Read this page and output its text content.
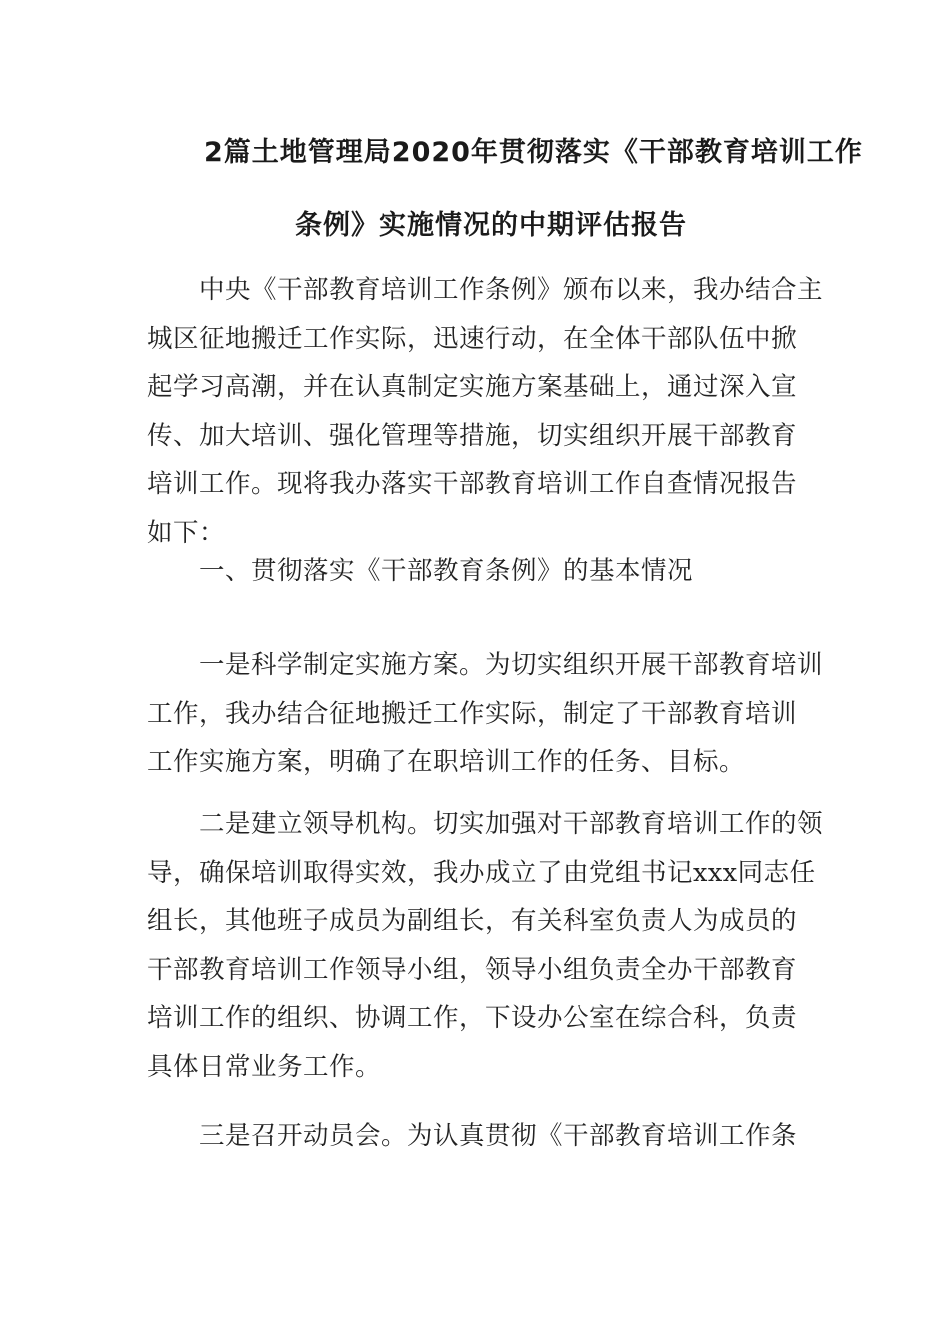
2篇土地管理局2020年贯彻落实《干部教育培训工作
条例》实施情况的中期评估报告
　　中央《干部教育培训工作条例》颁布以来，我办结合主
城区征地搬迁工作实际，迅速行动，在全体干部队伍中掀
起学习高潮，并在认真制定实施方案基础上，通过深入宣
传、加大培训、强化管理等措施，切实组织开展干部教育
培训工作。现将我办落实干部教育培训工作自查情况报告
如下：
　　一、贯彻落实《干部教育条例》的基本情况
　　一是科学制定实施方案。为切实组织开展干部教育培训
工作，我办结合征地搬迁工作实际，制定了干部教育培训
工作实施方案，明确了在职培训工作的任务、目标。
　　二是建立领导机构。切实加强对干部教育培训工作的领
导，确保培训取得实效，我办成立了由党组书记xxx同志任
组长，其他班子成员为副组长，有关科室负责人为成员的
干部教育培训工作领导小组，领导小组负责全办干部教育
培训工作的组织、协调工作，下设办公室在综合科，负责
具体日常业务工作。
　　三是召开动员会。为认真贯彻《干部教育培训工作条
